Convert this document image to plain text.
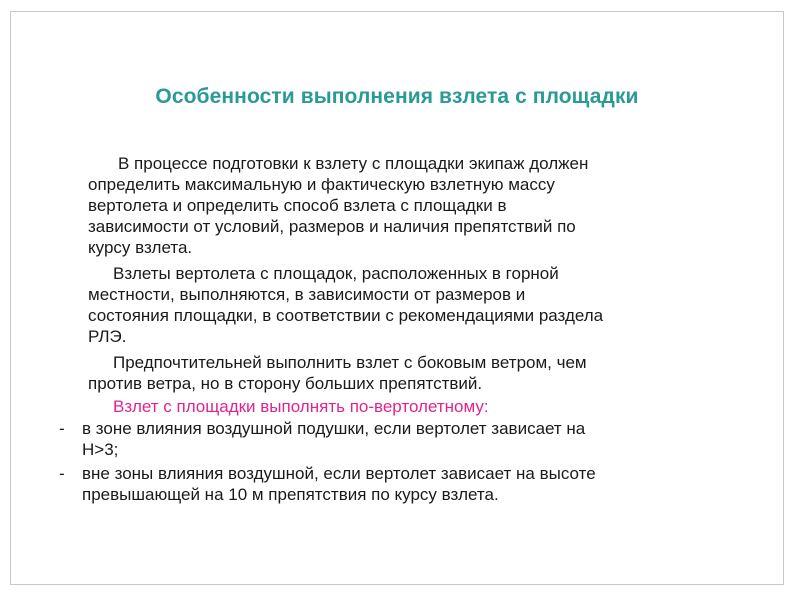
Особенности выполнения взлета с площадки
В процессе подготовки к взлету с площадки экипаж должен
определить максимальную и фактическую взлетную массу
вертолета и определить способ взлета с площадки в
зависимости от условий, размеров и наличия препятствий по
курсу взлета.
Взлеты вертолета с площадок, расположенных в горной
местности, выполняются, в зависимости от размеров и
состояния площадки, в соответствии с рекомендациями раздела
РЛЭ.
Предпочтительней выполнить взлет с боковым ветром, чем
против ветра, но в сторону больших препятствий.
Взлет с площадки выполнять по-вертолетному:
- в зоне влияния воздушной подушки, если вертолет зависает на
Н>3;
- вне зоны влияния воздушной, если вертолет зависает на высоте
превышающей на 10 м препятствия по курсу взлета.
